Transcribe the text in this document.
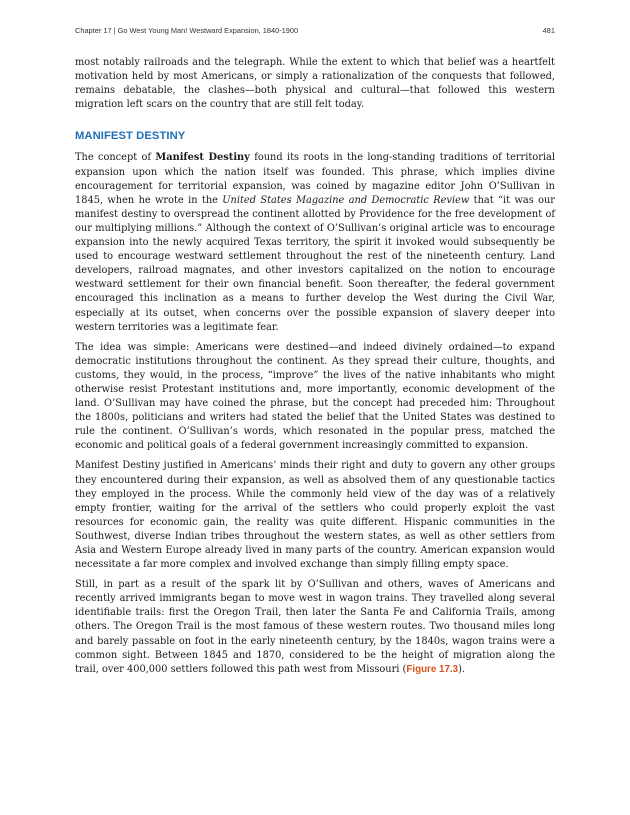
Chapter 17 | Go West Young Man! Westward Expansion, 1840-1900	481

most notably railroads and the telegraph. While the extent to which that belief was a heartfelt motivation held by most Americans, or simply a rationalization of the conquests that followed, remains debatable, the clashes—both physical and cultural—that followed this western migration left scars on the country that are still felt today.

MANIFEST DESTINY

The concept of Manifest Destiny found its roots in the long-standing traditions of territorial expansion upon which the nation itself was founded. This phrase, which implies divine encouragement for territorial expansion, was coined by magazine editor John O’Sullivan in 1845, when he wrote in the United States Magazine and Democratic Review that “it was our manifest destiny to overspread the continent allotted by Providence for the free development of our multiplying millions.” Although the context of O’Sullivan’s original article was to encourage expansion into the newly acquired Texas territory, the spirit it invoked would subsequently be used to encourage westward settlement throughout the rest of the nineteenth century. Land developers, railroad magnates, and other investors capitalized on the notion to encourage westward settlement for their own financial benefit. Soon thereafter, the federal government encouraged this inclination as a means to further develop the West during the Civil War, especially at its outset, when concerns over the possible expansion of slavery deeper into western territories was a legitimate fear.

The idea was simple: Americans were destined—and indeed divinely ordained—to expand democratic institutions throughout the continent. As they spread their culture, thoughts, and customs, they would, in the process, “improve” the lives of the native inhabitants who might otherwise resist Protestant institutions and, more importantly, economic development of the land. O’Sullivan may have coined the phrase, but the concept had preceded him: Throughout the 1800s, politicians and writers had stated the belief that the United States was destined to rule the continent. O’Sullivan’s words, which resonated in the popular press, matched the economic and political goals of a federal government increasingly committed to expansion.

Manifest Destiny justified in Americans’ minds their right and duty to govern any other groups they encountered during their expansion, as well as absolved them of any questionable tactics they employed in the process. While the commonly held view of the day was of a relatively empty frontier, waiting for the arrival of the settlers who could properly exploit the vast resources for economic gain, the reality was quite different. Hispanic communities in the Southwest, diverse Indian tribes throughout the western states, as well as other settlers from Asia and Western Europe already lived in many parts of the country. American expansion would necessitate a far more complex and involved exchange than simply filling empty space.

Still, in part as a result of the spark lit by O’Sullivan and others, waves of Americans and recently arrived immigrants began to move west in wagon trains. They travelled along several identifiable trails: first the Oregon Trail, then later the Santa Fe and California Trails, among others. The Oregon Trail is the most famous of these western routes. Two thousand miles long and barely passable on foot in the early nineteenth century, by the 1840s, wagon trains were a common sight. Between 1845 and 1870, considered to be the height of migration along the trail, over 400,000 settlers followed this path west from Missouri (Figure 17.3).
